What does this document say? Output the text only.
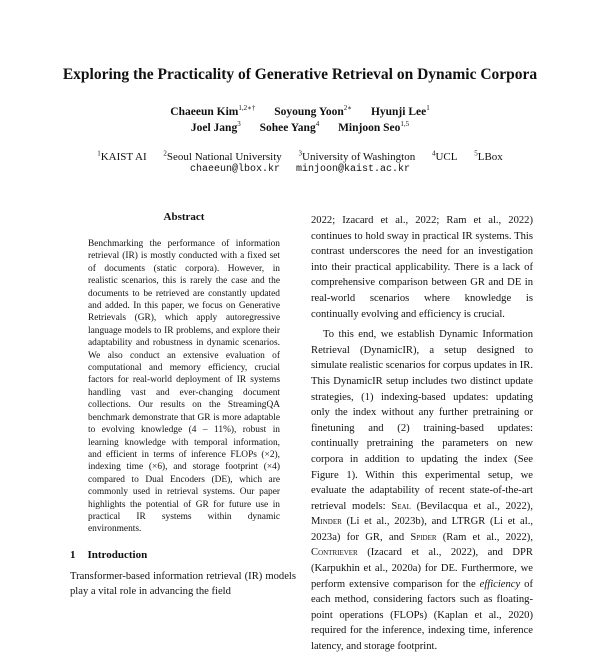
Exploring the Practicality of Generative Retrieval on Dynamic Corpora
Chaeeun Kim$^{1,2∗\dagger}$ Soyoung Yoon$^{2∗}$ Hyunji Lee$^1$
Joel Jang$^3$ Sohee Yang$^4$ Minjoon Seo$^{1,5}$
$^1$KAIST AI $^2$Seoul National University $^3$University of Washington $^4$UCL $^5$LBox
chaeeun@lbox.kr minjoon@kaist.ac.kr
Abstract
Benchmarking the performance of information retrieval (IR) is mostly conducted with a fixed set of documents (static corpora). However, in realistic scenarios, this is rarely the case and the documents to be retrieved are constantly updated and added. In this paper, we focus on Generative Retrievals (GR), which apply autoregressive language models to IR problems, and explore their adaptability and robustness in dynamic scenarios. We also conduct an extensive evaluation of computational and memory efficiency, crucial factors for real-world deployment of IR systems handling vast and ever-changing document collections. Our results on the StreamingQA benchmark demonstrate that GR is more adaptable to evolving knowledge (4 – 11%), robust in learning knowledge with temporal information, and efficient in terms of inference FLOPs (×2), indexing time (×6), and storage footprint (×4) compared to Dual Encoders (DE), which are commonly used in retrieval systems. Our paper highlights the potential of GR for future use in practical IR systems within dynamic environments.
1 Introduction
Transformer-based information retrieval (IR) models play a vital role in advancing the field

2022; Izacard et al., 2022; Ram et al., 2022) continues to hold sway in practical IR systems. This contrast underscores the need for an investigation into their practical applicability. There is a lack of comprehensive comparison between GR and DE in real-world scenarios where knowledge is continually evolving and efficiency is crucial.

To this end, we establish Dynamic Information Retrieval (DynamicIR), a setup designed to simulate realistic scenarios for corpus updates in IR. This DynamicIR setup includes two distinct update strategies, (1) indexing-based updates: updating only the index without any further pretraining or finetuning and (2) training-based updates: continually pretraining the parameters on new corpora in addition to updating the index (See Figure 1). Within this experimental setup, we evaluate the adaptability of recent state-of-the-art retrieval models: Seal (Bevilacqua et al., 2022), Minder (Li et al., 2023b), and LTRGR (Li et al., 2023a) for GR, and Spider (Ram et al., 2022), Contriever (Izacard et al., 2022), and DPR (Karpukhin et al., 2020a) for DE. Furthermore, we perform extensive comparison for the efficiency of each method, considering factors such as floating-point operations (FLOPs) (Kaplan et al., 2020) required for the inference, indexing time, inference latency, and storage footprint.
